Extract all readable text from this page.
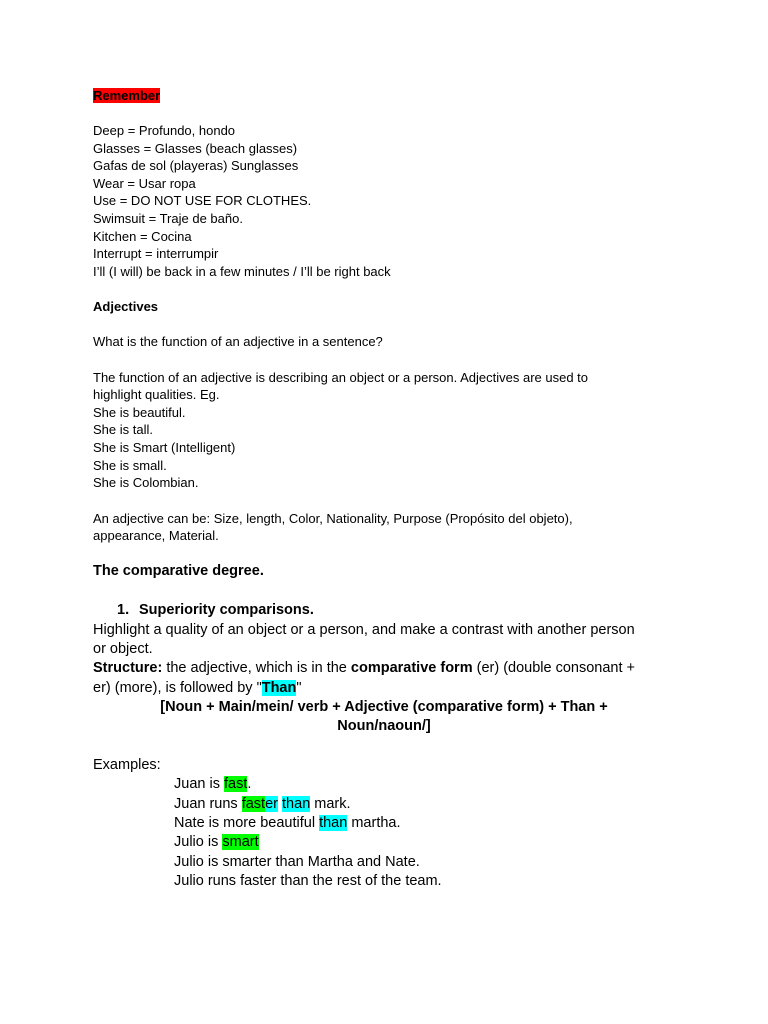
Remember
Deep = Profundo, hondo
Glasses = Glasses (beach glasses)
Gafas de sol (playeras) Sunglasses
Wear = Usar ropa
Use = DO NOT USE FOR CLOTHES.
Swimsuit = Traje de baño.
Kitchen = Cocina
Interrupt = interrumpir
I’ll (I will) be back in a few minutes / I’ll be right back
Adjectives
What is the function of an adjective in a sentence?
The function of an adjective is describing an object or a person. Adjectives are used to
highlight qualities. Eg.
She is beautiful.
She is tall.
She is Smart (Intelligent)
She is small.
She is Colombian.
An adjective can be: Size, length, Color, Nationality, Purpose (Propósito del objeto),
appearance, Material.
The comparative degree.
1. Superiority comparisons.
Highlight a quality of an object or a person, and make a contrast with another person
or object.
Structure: the adjective, which is in the comparative form (er) (double consonant +
er) (more), is followed by "Than"
[Noun + Main/mein/ verb + Adjective (comparative form) + Than +
Noun/naoun/]
Examples:
Juan is fast.
Juan runs faster than mark.
Nate is more beautiful than martha.
Julio is smart
Julio is smarter than Martha and Nate.
Julio runs faster than the rest of the team.
